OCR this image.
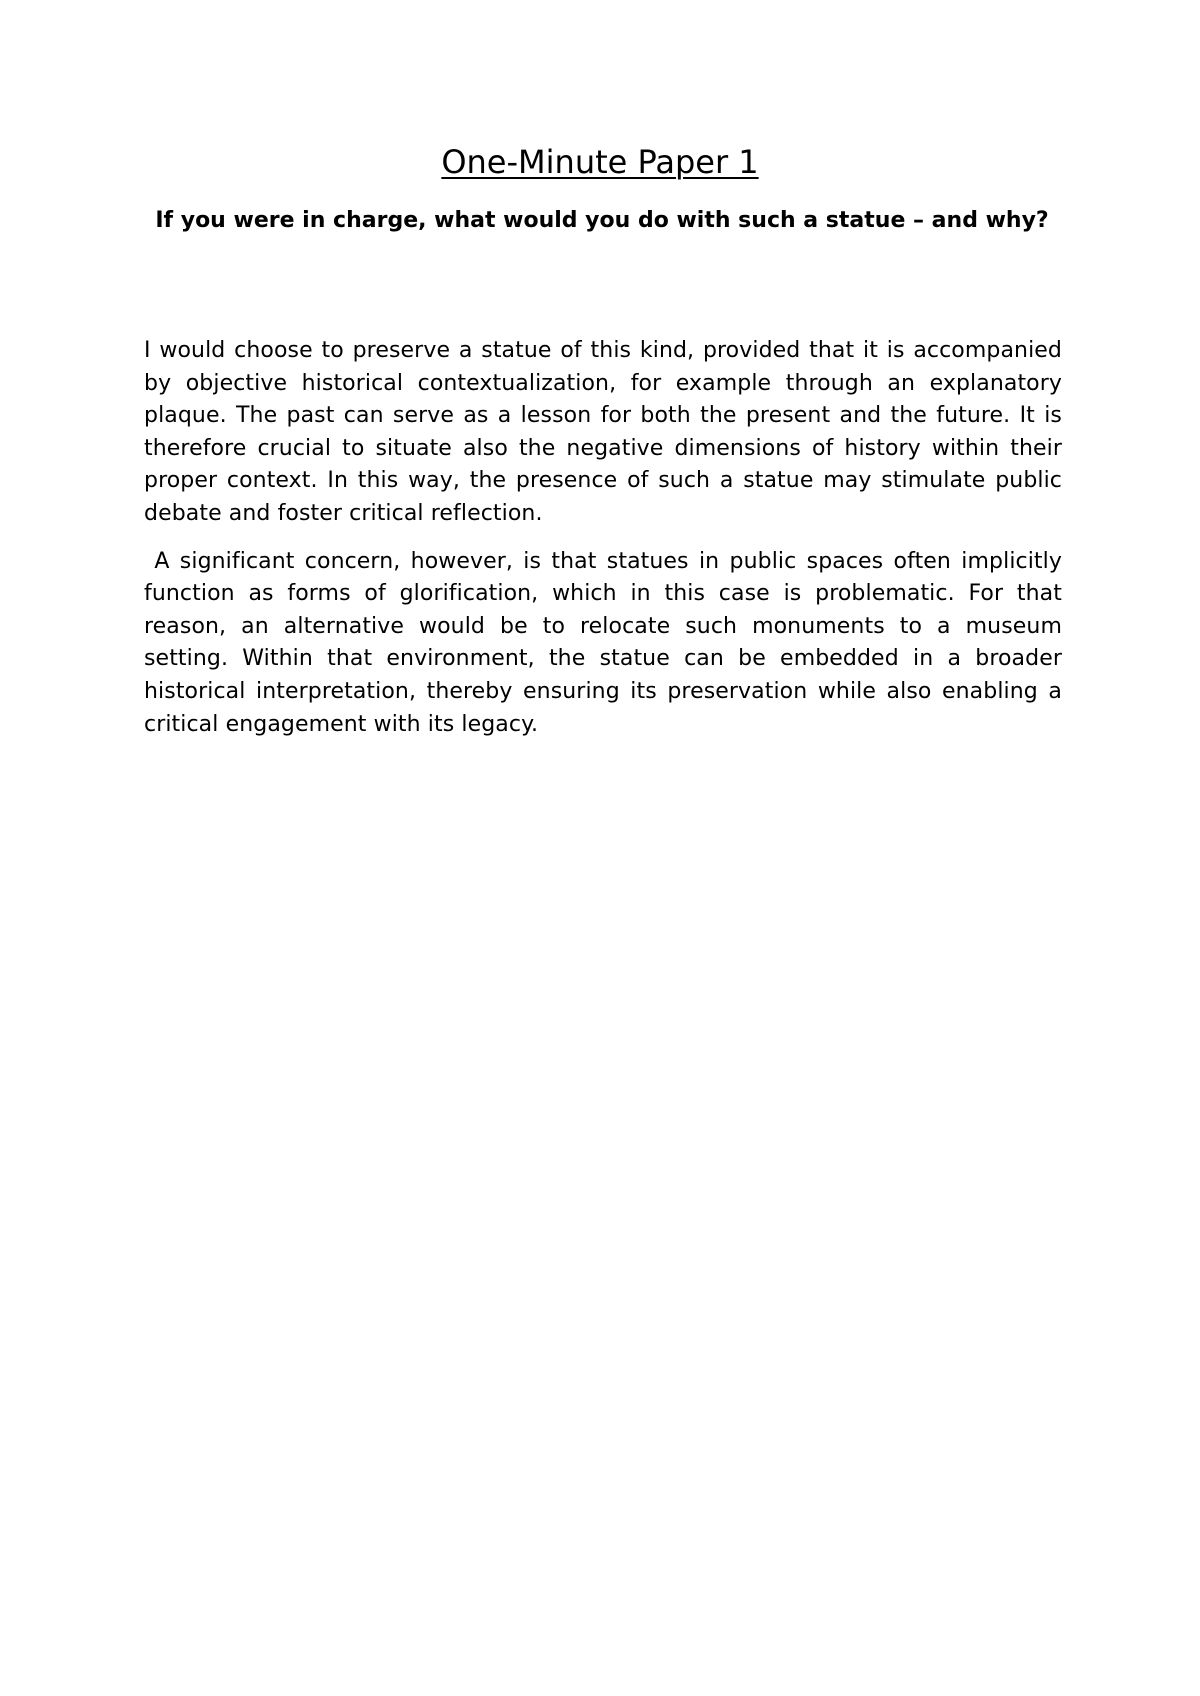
One-Minute Paper 1
If you were in charge, what would you do with such a statue – and why?

I would choose to preserve a statue of this kind, provided that it is accompanied by objective historical contextualization, for example through an explanatory plaque. The past can serve as a lesson for both the present and the future. It is therefore crucial to situate also the negative dimensions of history within their proper context. In this way, the presence of such a statue may stimulate public debate and foster critical reflection.

A significant concern, however, is that statues in public spaces often implicitly function as forms of glorification, which in this case is problematic. For that reason, an alternative would be to relocate such monuments to a museum setting. Within that environment, the statue can be embedded in a broader historical interpretation, thereby ensuring its preservation while also enabling a critical engagement with its legacy.
